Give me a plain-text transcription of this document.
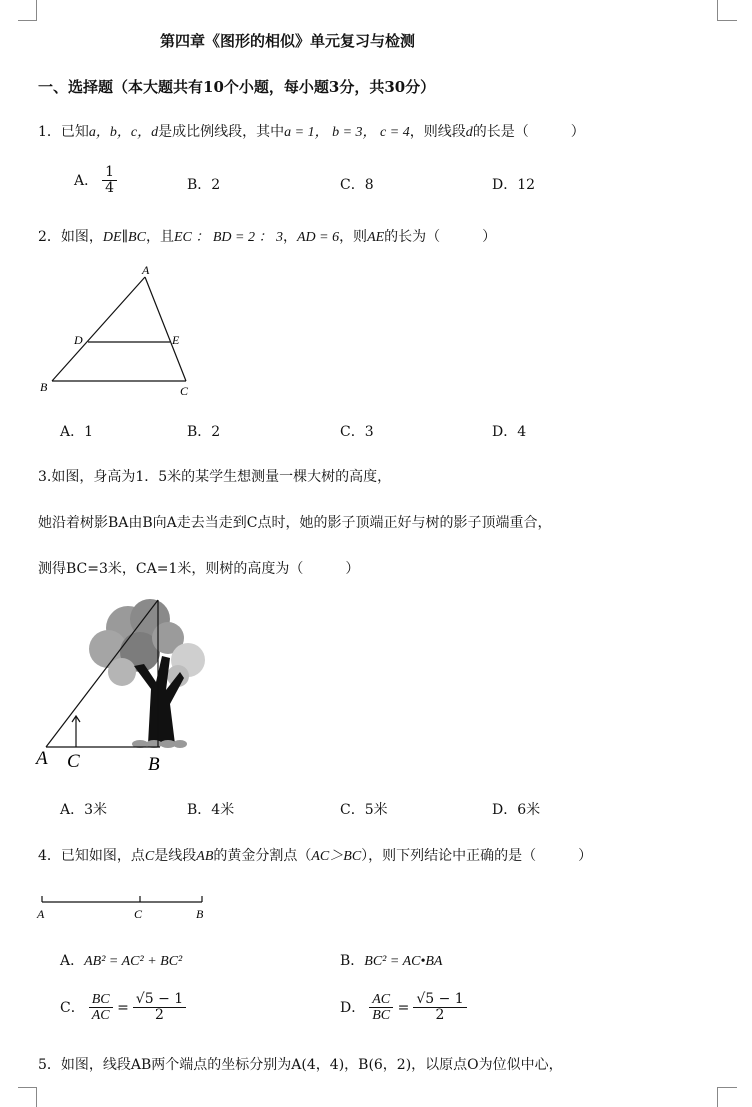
第四章《图形的相似》单元复习与检测
一、选择题（本大题共有10个小题，每小题3分，共30分）
1．已知a，b，c，d是成比例线段，其中a = 1， b = 3， c = 4，则线段d的长是（　　　）
A． $\frac{1}{4}$	B．2	C．8	D．12
2．如图，DE∥BC，且EC ： BD = 2 ： 3，AD = 6，则AE的长为（　　　）
A
D	E
B	C
A．1	B．2	C．3	D．4
3.如图，身高为1．5米的某学生想测量一棵大树的高度，
她沿着树影BA由B向A走去当走到C点时，她的影子顶端正好与树的影子顶端重合，
测得BC=3米，CA=1米，则树的高度为（　　　）
A C	B
A．3米	B．4米	C．5米	D．6米
4．已知如图，点C是线段AB的黄金分割点（AC＞BC），则下列结论中正确的是（　　　）
A	C	B
A．AB² = AC² + BC²	B．BC² = AC•BA
C． $\frac{BC}{AC} = \frac{√5 - 1}{2}$	D． $\frac{AC}{BC} = \frac{√5 - 1}{2}$
5．如图，线段AB两个端点的坐标分别为A(4，4)，B(6，2)，以原点O为位似中心，
